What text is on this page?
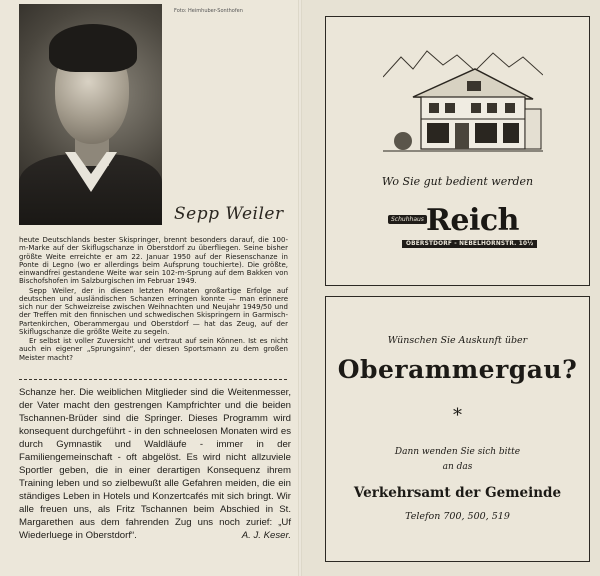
Foto: Heimhuber-Sonthofen
Sepp Weiler

heute Deutschlands bester Skispringer, brennt besonders darauf, die 100-m-Marke auf der Skiflugschanze in Oberstdorf zu überfliegen. Seine bisher größte Weite erreichte er am 22. Januar 1950 auf der Riesenschanze in Ponte di Legno (wo er allerdings beim Aufsprung touchierte). Die größte, einwandfrei gestandene Weite war sein 102-m-Sprung auf dem Bakken von Bischofshofen im Salzburgischen im Februar 1949.

Sepp Weiler, der in diesen letzten Monaten großartige Erfolge auf deutschen und ausländischen Schanzen erringen konnte — man erinnere sich nur der Schweizreise zwischen Weihnachten und Neujahr 1949/50 und der Treffen mit den finnischen und schwedischen Skispringern in Garmisch-Partenkirchen, Oberammergau und Oberstdorf — hat das Zeug, auf der Skiflugschanze die größte Weite zu segeln.

Er selbst ist voller Zuversicht und vertraut auf sein Können. Ist es nicht auch ein eigener „Sprungsinn“, der diesen Sportsmann zu dem großen Meister macht?

Schanze her. Die weiblichen Mitglieder sind die Weitenmesser, der Vater macht den gestrengen Kampfrichter und die beiden Tschannen-Brüder sind die Springer. Dieses Programm wird konsequent durchgeführt - in den schneelosen Monaten wird es durch Gymnastik und Waldläufe - immer in der Familiengemeinschaft - oft abgelöst. Es wird nicht allzuviele Sportler geben, die in einer derartigen Konsequenz ihrem Training leben und so zielbewußt alle Gefahren meiden, die ein ständiges Leben in Hotels und Konzertcafés mit sich bringt. Wir alle freuen uns, als Fritz Tschannen beim Abschied in St. Margarethen aus dem fahrenden Zug uns noch zurief: „Uf Wiederluege in Oberstdorf“.	A. J. Keser.
Wo Sie gut bedient werden
Schuhhaus Reich
OBERSTDORF - NEBELHORNSTR. 10½
Wünschen Sie Auskunft über
Oberammergau?
*
Dann wenden Sie sich bitte
an das
Verkehrsamt der Gemeinde
Telefon 700, 500, 519
